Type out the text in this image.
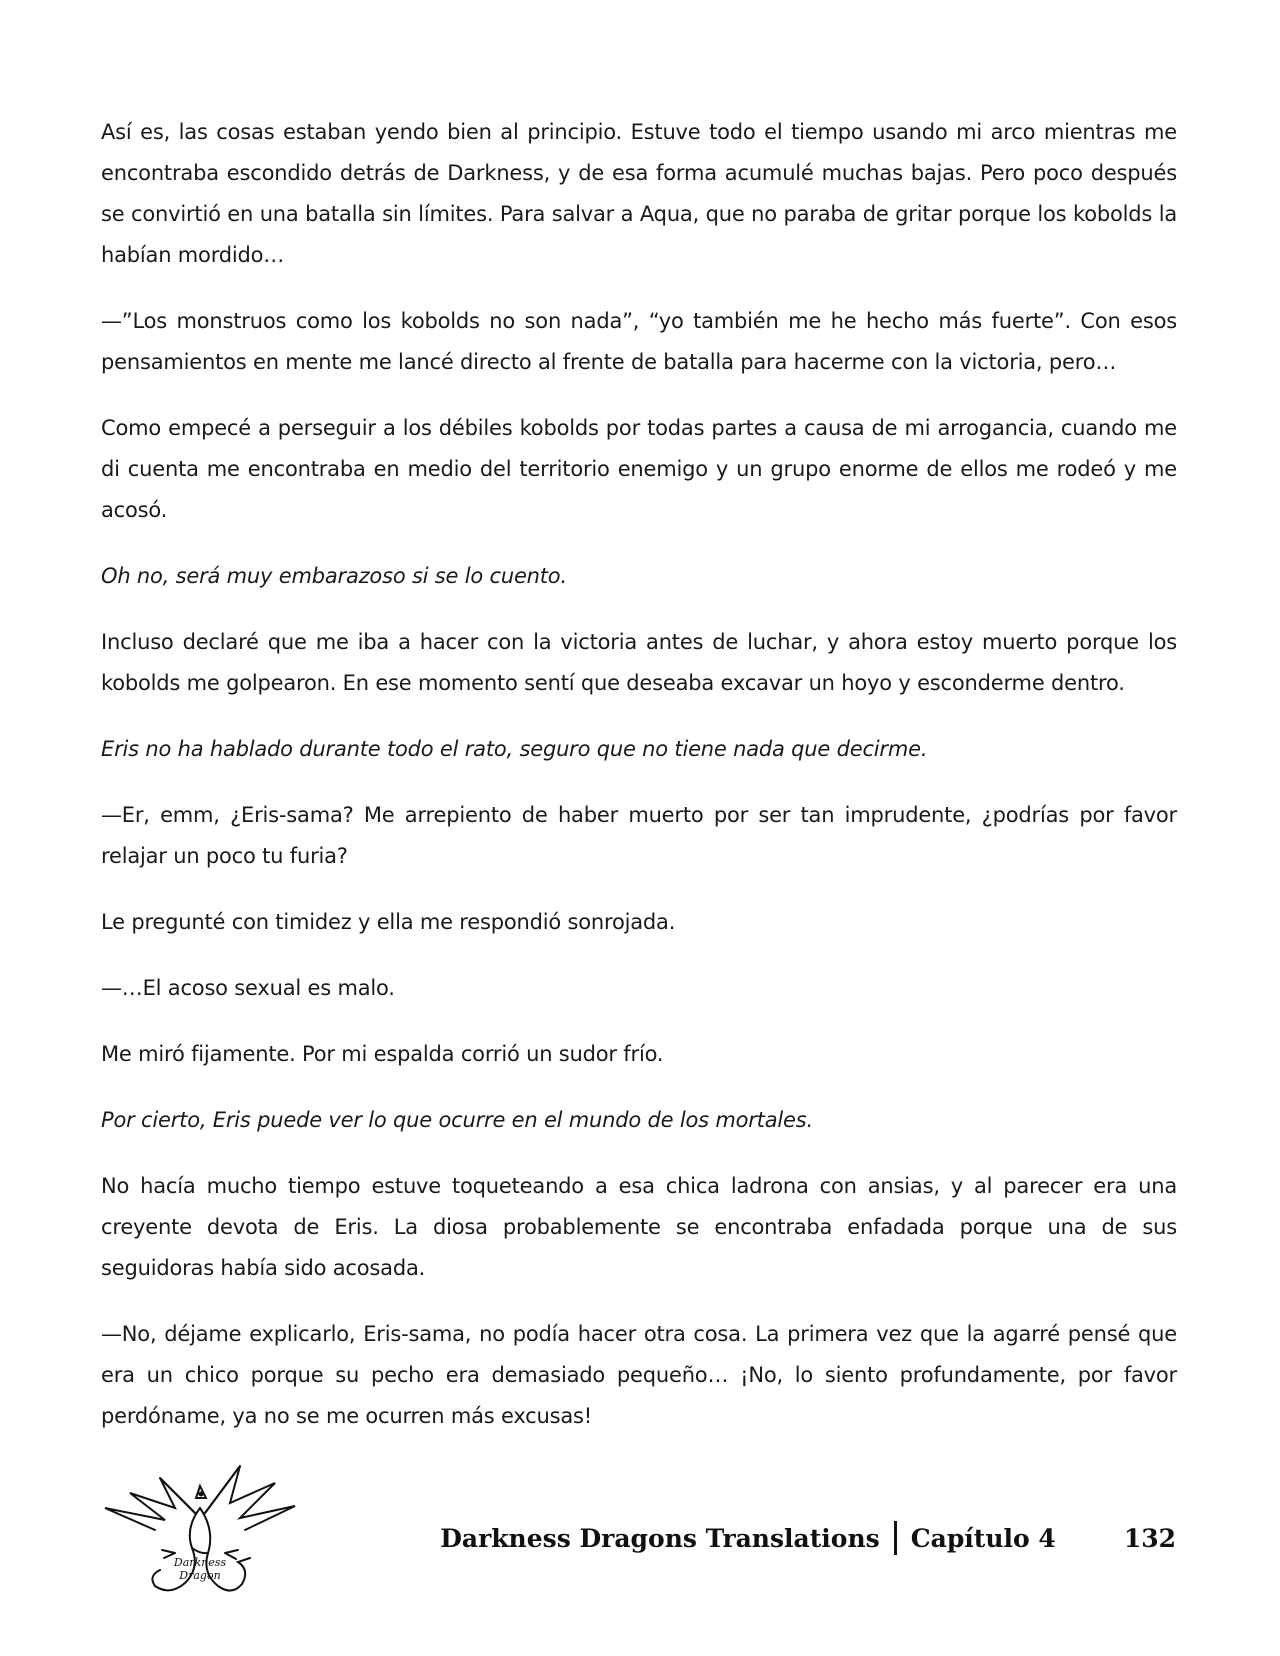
Así es, las cosas estaban yendo bien al principio. Estuve todo el tiempo usando mi arco mientras me encontraba escondido detrás de Darkness, y de esa forma acumulé muchas bajas. Pero poco después se convirtió en una batalla sin límites. Para salvar a Aqua, que no paraba de gritar porque los kobolds la habían mordido…

—”Los monstruos como los kobolds no son nada”, “yo también me he hecho más fuerte”. Con esos pensamientos en mente me lancé directo al frente de batalla para hacerme con la victoria, pero…

Como empecé a perseguir a los débiles kobolds por todas partes a causa de mi arrogancia, cuando me di cuenta me encontraba en medio del territorio enemigo y un grupo enorme de ellos me rodeó y me acosó.

Oh no, será muy embarazoso si se lo cuento.

Incluso declaré que me iba a hacer con la victoria antes de luchar, y ahora estoy muerto porque los kobolds me golpearon. En ese momento sentí que deseaba excavar un hoyo y esconderme dentro.

Eris no ha hablado durante todo el rato, seguro que no tiene nada que decirme.

—Er, emm, ¿Eris-sama? Me arrepiento de haber muerto por ser tan imprudente, ¿podrías por favor relajar un poco tu furia?

Le pregunté con timidez y ella me respondió sonrojada.

—…El acoso sexual es malo.

Me miró fijamente. Por mi espalda corrió un sudor frío.

Por cierto, Eris puede ver lo que ocurre en el mundo de los mortales.

No hacía mucho tiempo estuve toqueteando a esa chica ladrona con ansias, y al parecer era una creyente devota de Eris. La diosa probablemente se encontraba enfadada porque una de sus seguidoras había sido acosada.

—No, déjame explicarlo, Eris-sama, no podía hacer otra cosa. La primera vez que la agarré pensé que era un chico porque su pecho era demasiado pequeño… ¡No, lo siento profundamente, por favor perdóname, ya no se me ocurren más excusas!

Darkness
Dragon
Darkness Dragons Translations Capítulo 4	132
